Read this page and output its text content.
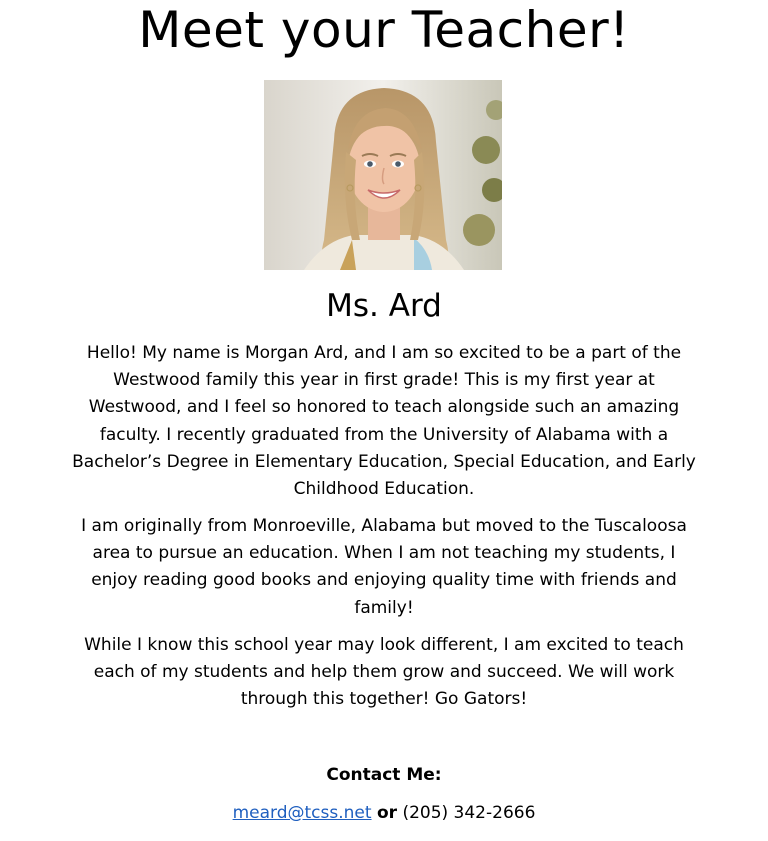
Meet your Teacher!
Ms. Ard

Hello! My name is Morgan Ard, and I am so excited to be a part of the Westwood family this year in first grade! This is my first year at Westwood, and I feel so honored to teach alongside such an amazing faculty. I recently graduated from the University of Alabama with a Bachelor’s Degree in Elementary Education, Special Education, and Early Childhood Education.

I am originally from Monroeville, Alabama but moved to the Tuscaloosa area to pursue an education. When I am not teaching my students, I enjoy reading good books and enjoying quality time with friends and family!

While I know this school year may look different, I am excited to teach each of my students and help them grow and succeed. We will work through this together! Go Gators!

Contact Me:

meard@tcss.net or (205) 342-2666
